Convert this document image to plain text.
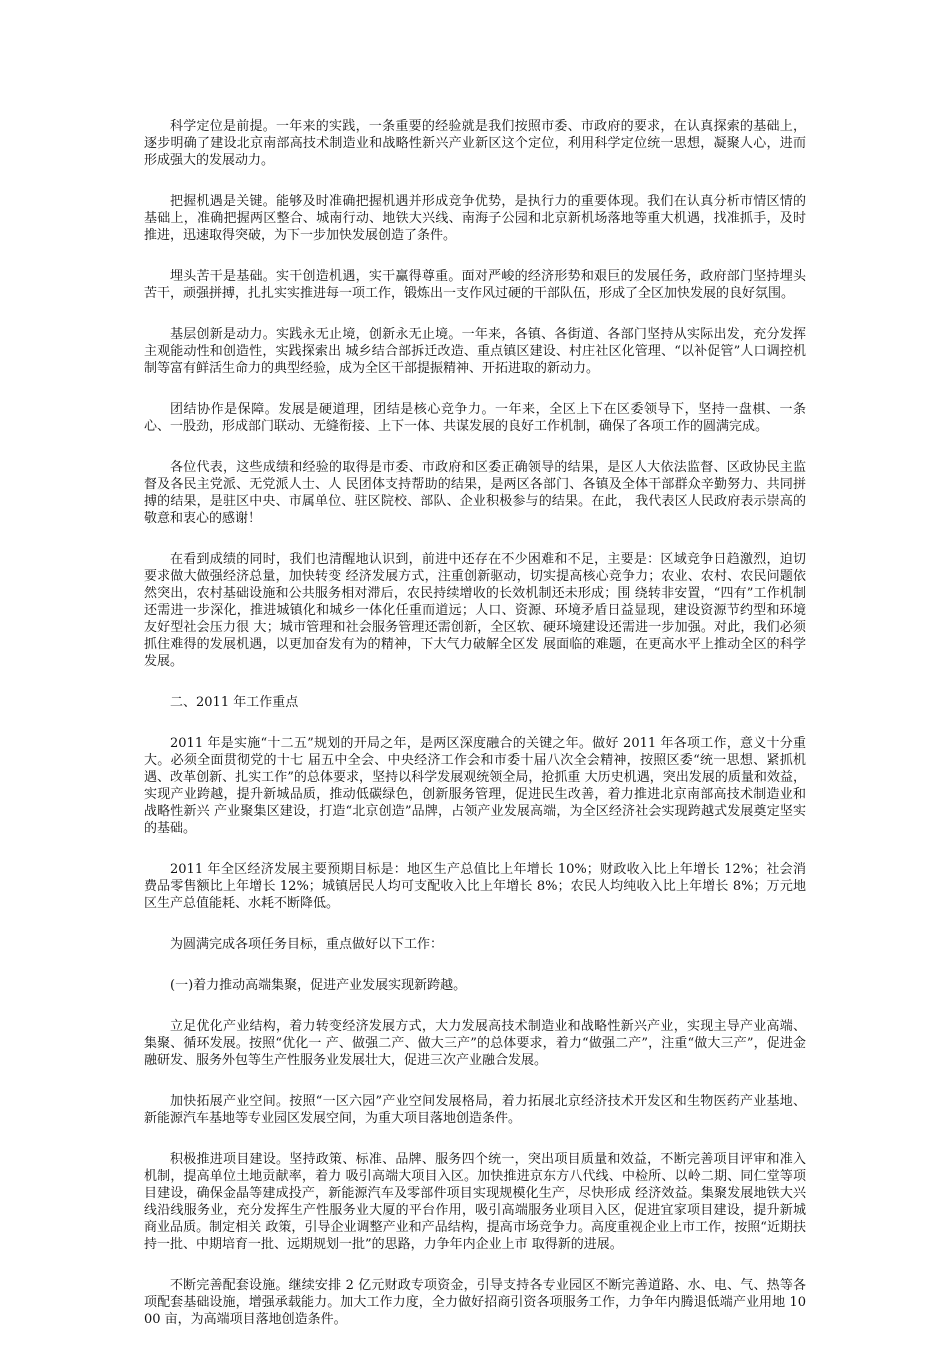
科学定位是前提。一年来的实践，一条重要的经验就是我们按照市委、市政府的要求，在认真探索的基础上，逐步明确了建设北京南部高技术制造业和战略性新兴产业新区这个定位，利用科学定位统一思想，凝聚人心，进而形成强大的发展动力。

把握机遇是关键。能够及时准确把握机遇并形成竞争优势，是执行力的重要体现。我们在认真分析市情区情的基础上，准确把握两区整合、城南行动、地铁大兴线、南海子公园和北京新机场落地等重大机遇，找准抓手，及时推进，迅速取得突破，为下一步加快发展创造了条件。

埋头苦干是基础。实干创造机遇，实干赢得尊重。面对严峻的经济形势和艰巨的发展任务，政府部门坚持埋头苦干，顽强拼搏，扎扎实实推进每一项工作，锻炼出一支作风过硬的干部队伍，形成了全区加快发展的良好氛围。

基层创新是动力。实践永无止境，创新永无止境。一年来，各镇、各街道、各部门坚持从实际出发，充分发挥主观能动性和创造性，实践探索出 城乡结合部拆迁改造、重点镇区建设、村庄社区化管理、“以补促管”人口调控机制等富有鲜活生命力的典型经验，成为全区干部提振精神、开拓进取的新动力。

团结协作是保障。发展是硬道理，团结是核心竞争力。一年来，全区上下在区委领导下，坚持一盘棋、一条心、一股劲，形成部门联动、无缝衔接、上下一体、共谋发展的良好工作机制，确保了各项工作的圆满完成。

各位代表，这些成绩和经验的取得是市委、市政府和区委正确领导的结果，是区人大依法监督、区政协民主监督及各民主党派、无党派人士、人 民团体支持帮助的结果，是两区各部门、各镇及全体干部群众辛勤努力、共同拼搏的结果，是驻区中央、市属单位、驻区院校、部队、企业积极参与的结果。在此， 我代表区人民政府表示崇高的敬意和衷心的感谢！

在看到成绩的同时，我们也清醒地认识到，前进中还存在不少困难和不足，主要是：区域竞争日趋激烈，迫切要求做大做强经济总量，加快转变 经济发展方式，注重创新驱动，切实提高核心竞争力；农业、农村、农民问题依然突出，农村基础设施和公共服务相对滞后，农民持续增收的长效机制还未形成；围 绕转非安置，“四有”工作机制还需进一步深化，推进城镇化和城乡一体化任重而道远；人口、资源、环境矛盾日益显现，建设资源节约型和环境友好型社会压力很 大；城市管理和社会服务管理还需创新，全区软、硬环境建设还需进一步加强。对此，我们必须抓住难得的发展机遇，以更加奋发有为的精神，下大气力破解全区发 展面临的难题，在更高水平上推动全区的科学发展。

二、2011 年工作重点

2011 年是实施“十二五”规划的开局之年，是两区深度融合的关键之年。做好 2011 年各项工作，意义十分重大。必须全面贯彻党的十七 届五中全会、中央经济工作会和市委十届八次全会精神，按照区委“统一思想、紧抓机遇、改革创新、扎实工作”的总体要求，坚持以科学发展观统领全局，抢抓重 大历史机遇，突出发展的质量和效益，实现产业跨越，提升新城品质，推动低碳绿色，创新服务管理，促进民生改善，着力推进北京南部高技术制造业和战略性新兴 产业聚集区建设，打造“北京创造”品牌，占领产业发展高端，为全区经济社会实现跨越式发展奠定坚实的基础。

2011 年全区经济发展主要预期目标是：地区生产总值比上年增长 10%；财政收入比上年增长 12%；社会消费品零售额比上年增长 12%；城镇居民人均可支配收入比上年增长 8%；农民人均纯收入比上年增长 8%；万元地区生产总值能耗、水耗不断降低。

为圆满完成各项任务目标，重点做好以下工作：

(一)着力推动高端集聚，促进产业发展实现新跨越。

立足优化产业结构，着力转变经济发展方式，大力发展高技术制造业和战略性新兴产业，实现主导产业高端、集聚、循环发展。按照“优化一 产、做强二产、做大三产”的总体要求，着力“做强二产”，注重“做大三产”，促进金融研发、服务外包等生产性服务业发展壮大，促进三次产业融合发展。

加快拓展产业空间。按照“一区六园”产业空间发展格局，着力拓展北京经济技术开发区和生物医药产业基地、新能源汽车基地等专业园区发展空间，为重大项目落地创造条件。

积极推进项目建设。坚持政策、标准、品牌、服务四个统一，突出项目质量和效益，不断完善项目评审和准入机制，提高单位土地贡献率，着力 吸引高端大项目入区。加快推进京东方八代线、中检所、以岭二期、同仁堂等项目建设，确保金晶等建成投产，新能源汽车及零部件项目实现规模化生产，尽快形成 经济效益。集聚发展地铁大兴线沿线服务业，充分发挥生产性服务业大厦的平台作用，吸引高端服务业项目入区，促进宜家项目建设，提升新城商业品质。制定相关 政策，引导企业调整产业和产品结构，提高市场竞争力。高度重视企业上市工作，按照“近期扶持一批、中期培育一批、远期规划一批”的思路，力争年内企业上市 取得新的进展。

不断完善配套设施。继续安排 2 亿元财政专项资金，引导支持各专业园区不断完善道路、水、电、气、热等各项配套基础设施，增强承载能力。加大工作力度，全力做好招商引资各项服务工作，力争年内腾退低端产业用地 1000 亩，为高端项目落地创造条件。
